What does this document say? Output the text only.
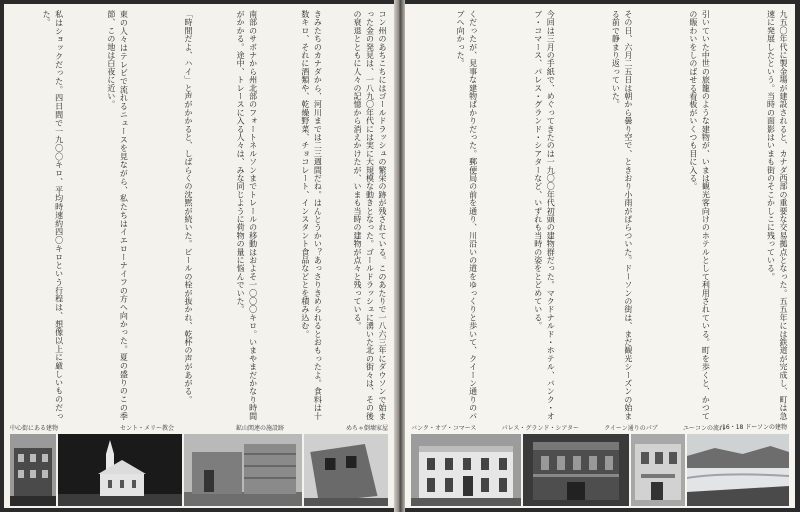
コン州のあちこちにはゴールドラッシュの繁栄の跡が残されている。このあたりで一八六三年にダウソンで始まった金の発見は、一八九〇年代には実に大規模な動きとなった。ゴールドラッシュに湧いた北の街々は、その後の衰退とともに人々の記憶から消えかけたが、いまも当時の建物が点々と残っている。
きみたちのカナダから、河川までは二三週間だね。はんとうかい？あっさりきめられるとおもったよ。食料は十数キロ、それに酒類や、乾燥野菜、チョコレート、インスタント食品などとを積み込む。
南部のサボナから州北部のフォートネルソンまでトレールの移動はおよそ一〇〇〇キロ。いまやまだかなり時間がかかる。途中、トレースに入る人々は、みな同じように荷物の量に悩んでいた。
「時間だよ、ハイ」と声がかかると、しばらくの沈黙が続いた。ビールの栓が抜かれ、乾杯の声があがる。
東の人々はテレビで流れるニュースを見ながら、私たちはイエローナイフの方へ向かった。夏の盛りのこの季節、この地は白夜に近い。
私はショックだった。四日間で一九〇〇キロ、平均時速約四〇キロという行程は、想像以上に厳しいものだった。
中心街にある建物	セント・メリー教会	鉱山関連の施設跡	めちゃ倒壊家屋
九五〇年代に製金場が建設されると、カナダ西部の重要な交易拠点となった。五五年には鉄道が完成し、町は急速に発展したという。当時の面影はいまも街のそこかしこに残っている。
引いていた中世の旅籠のような建物が、いまは観光客向けのホテルとして利用されている。町を歩くと、かつての賑わいをしのばせる看板がいくつも目に入る。
その日、六月二五日は朝から曇り空で、ときおり小雨がぱらついた。ドーソンの街は、まだ観光シーズンの始まる前で静まり返っていた。
今回は三月の手紙で、めぐってきたのは一九〇〇年代初頭の建物群だった。マクドナルド・ホテル、バンク・オブ・コマース、パレス・グランド・シアターなど、いずれも当時の姿をとどめている。
くだったが、見事な建物ばかりだった。郵便局の前を通り、川沿いの道をゆっくりと歩いて、クイーン通りのパブへ向かった。
バンク・オブ・コマース	パレス・グランド・シアター	クイーン通りのパブ	ユーコンの流れ
16・18 ドーソンの建物
